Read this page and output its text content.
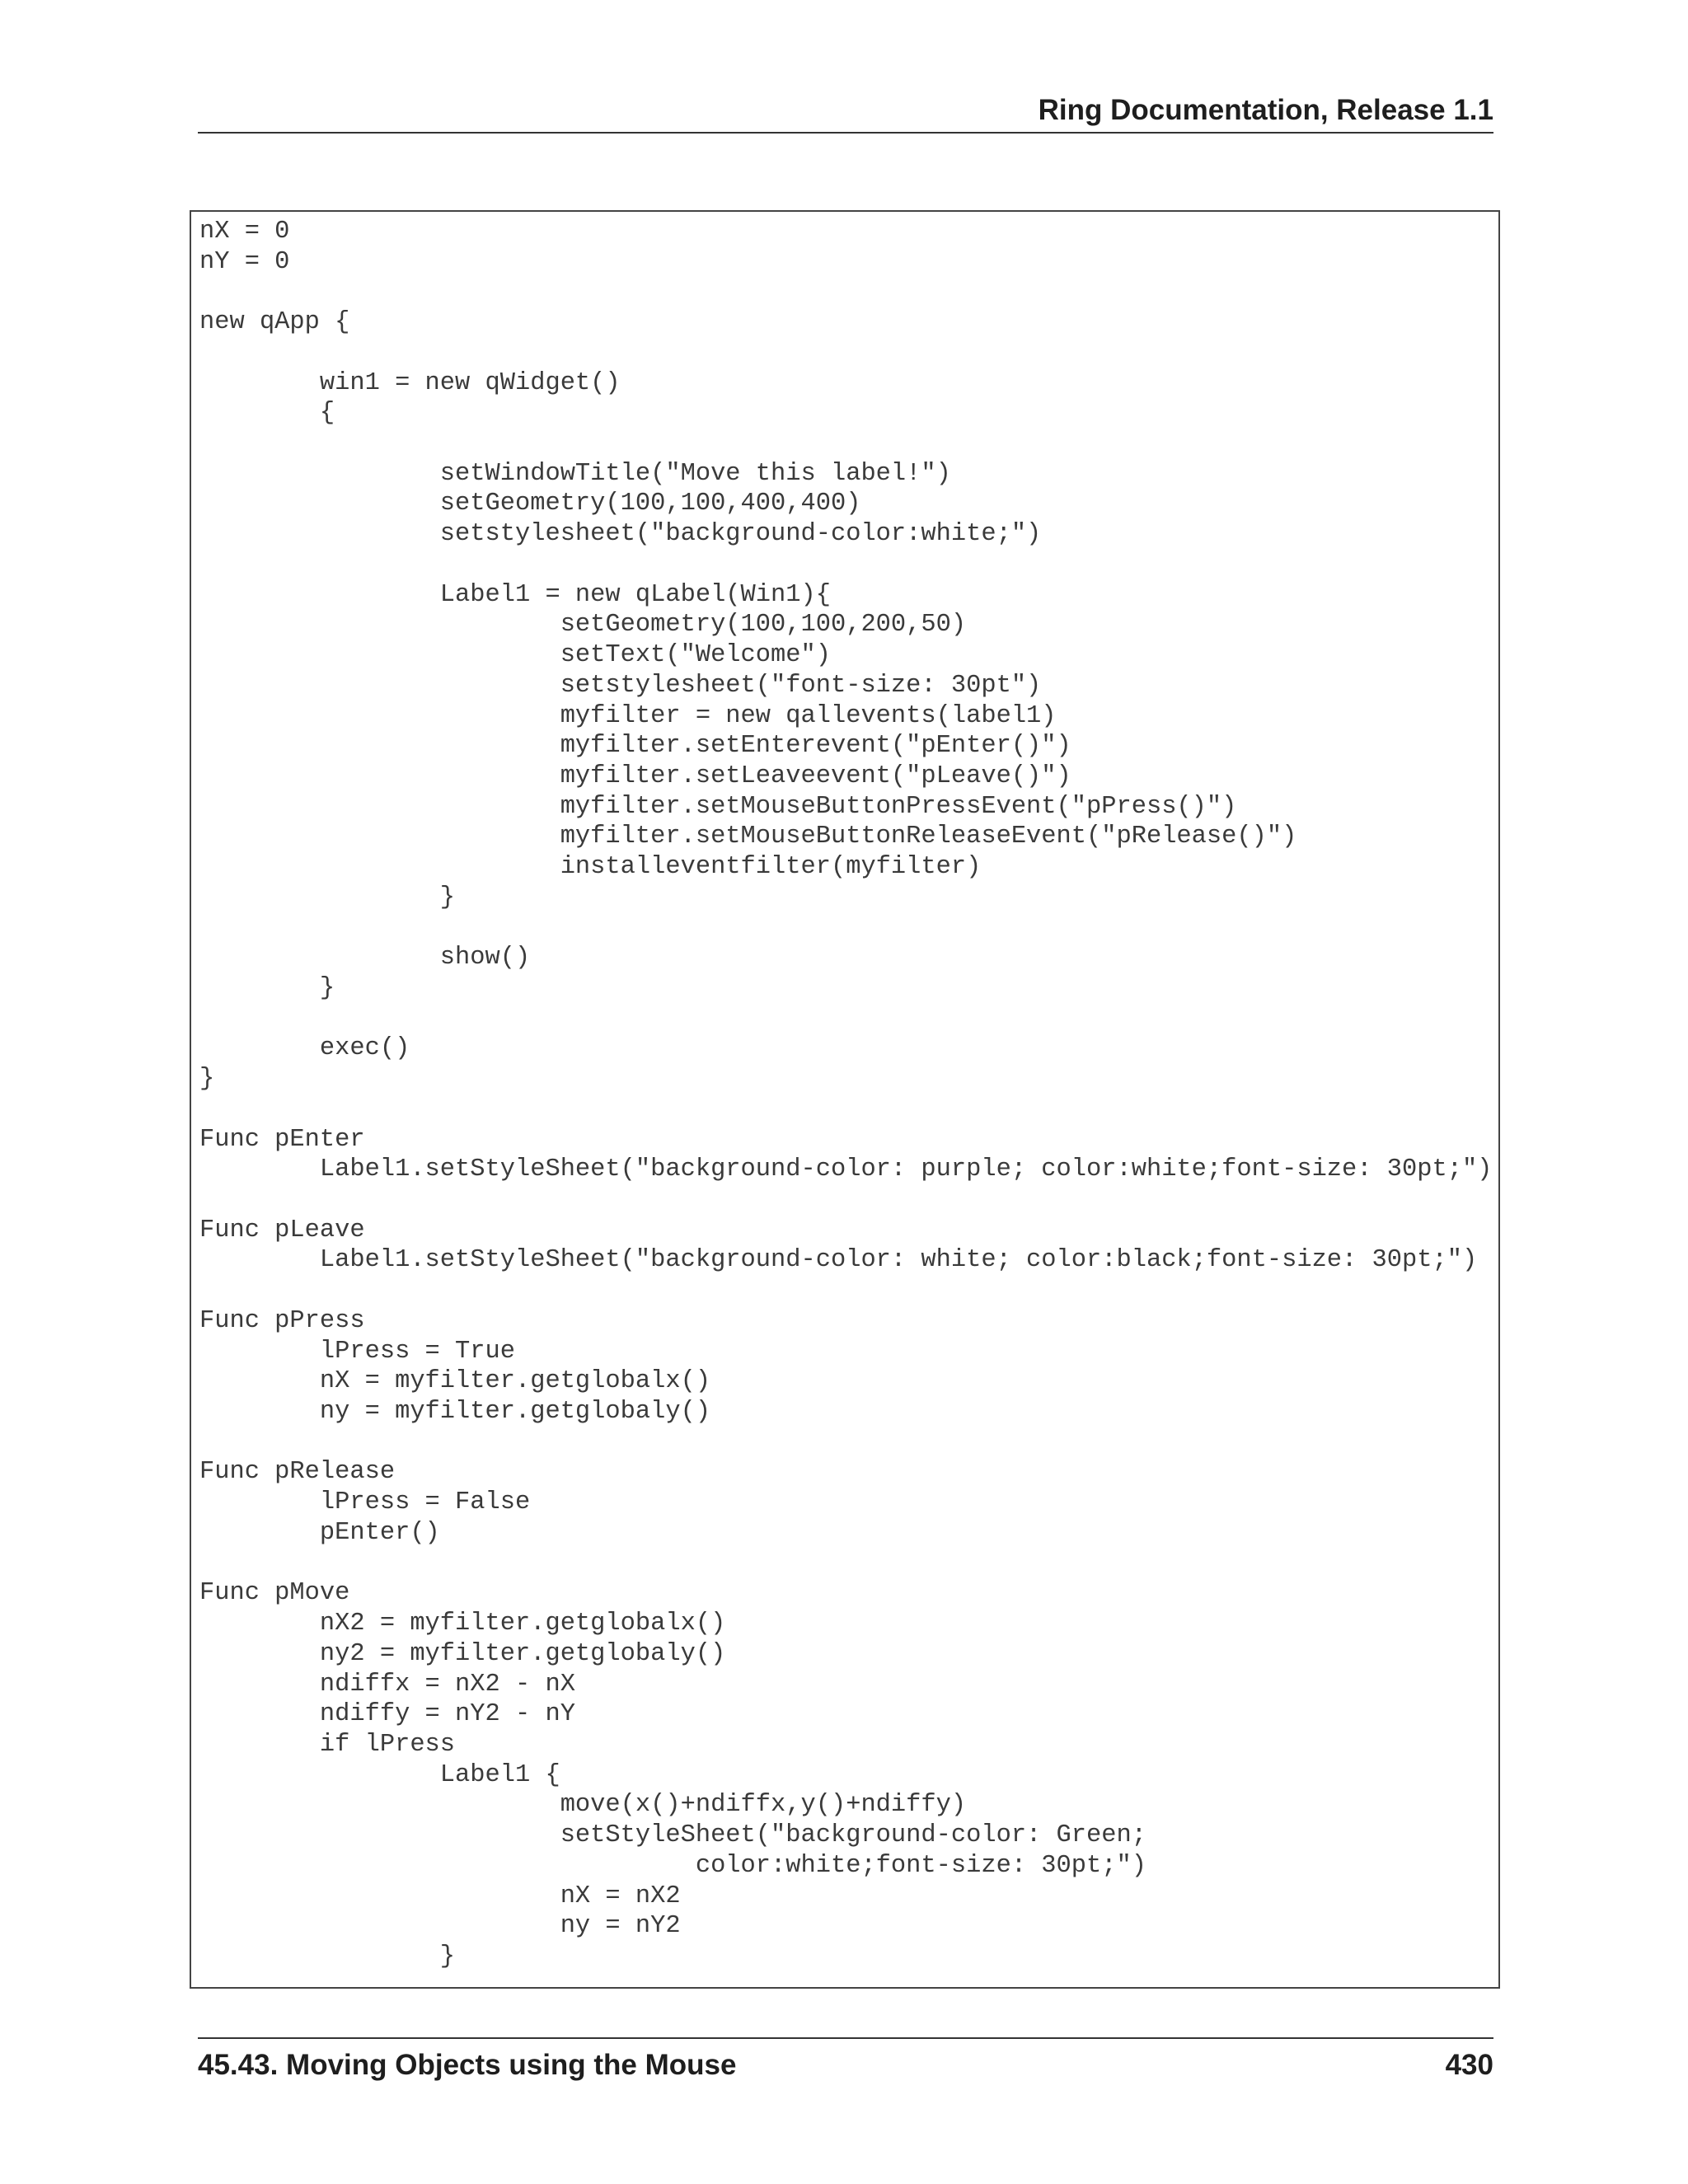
Ring Documentation, Release 1.1
nX = 0
nY = 0
new qApp {
win1 = new qWidget()
{
setWindowTitle("Move this label!")
setGeometry(100,100,400,400)
setstylesheet("background-color:white;")
Label1 = new qLabel(Win1){
setGeometry(100,100,200,50)
setText("Welcome")
setstylesheet("font-size: 30pt")
myfilter = new qallevents(label1)
myfilter.setEnterevent("pEnter()")
myfilter.setLeaveevent("pLeave()")
myfilter.setMouseButtonPressEvent("pPress()")
myfilter.setMouseButtonReleaseEvent("pRelease()")
installeventfilter(myfilter)
}
show()
}
exec()
}
Func pEnter
Label1.setStyleSheet("background-color: purple; color:white;font-size: 30pt;")
Func pLeave
Label1.setStyleSheet("background-color: white; color:black;font-size: 30pt;")
Func pPress
lPress = True
nX = myfilter.getglobalx()
ny = myfilter.getglobaly()
Func pRelease
lPress = False
pEnter()
Func pMove
nX2 = myfilter.getglobalx()
ny2 = myfilter.getglobaly()
ndiffx = nX2 - nX
ndiffy = nY2 - nY
if lPress
Label1 {
move(x()+ndiffx,y()+ndiffy)
setStyleSheet("background-color: Green;
color:white;font-size: 30pt;")
nX = nX2
ny = nY2
}
45.43. Moving Objects using the Mouse	430
